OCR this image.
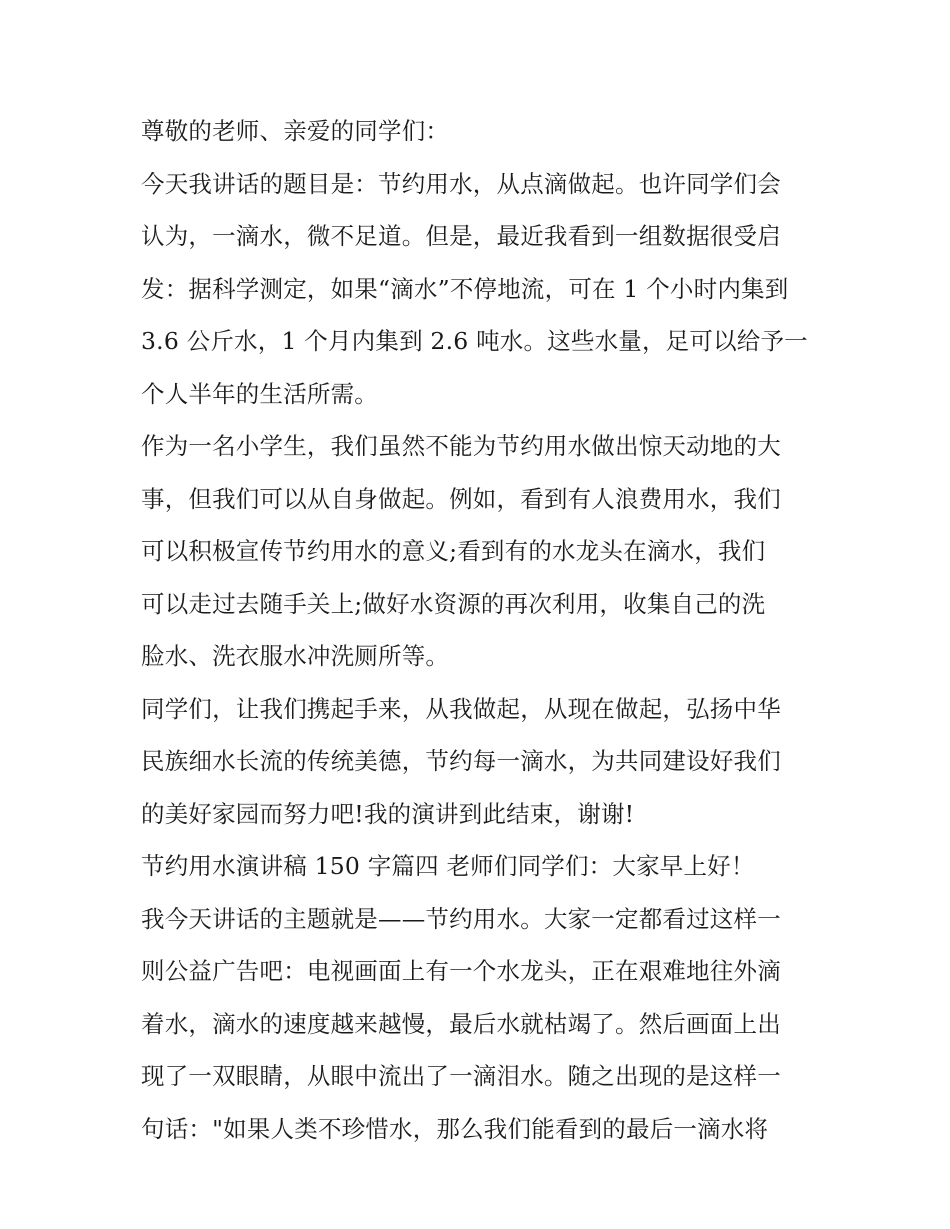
尊敬的老师、亲爱的同学们：
今天我讲话的题目是：节约用水，从点滴做起。也许同学们会
认为，一滴水，微不足道。但是，最近我看到一组数据很受启
发：据科学测定，如果“滴水”不停地流，可在 1 个小时内集到
3.6 公斤水，1 个月内集到 2.6 吨水。这些水量，足可以给予一
个人半年的生活所需。
作为一名小学生，我们虽然不能为节约用水做出惊天动地的大
事，但我们可以从自身做起。例如，看到有人浪费用水，我们
可以积极宣传节约用水的意义;看到有的水龙头在滴水，我们
可以走过去随手关上;做好水资源的再次利用，收集自己的洗
脸水、洗衣服水冲洗厕所等。
同学们，让我们携起手来，从我做起，从现在做起，弘扬中华
民族细水长流的传统美德，节约每一滴水，为共同建设好我们
的美好家园而努力吧!我的演讲到此结束，谢谢!
节约用水演讲稿 150 字篇四 老师们同学们：大家早上好！
我今天讲话的主题就是——节约用水。大家一定都看过这样一
则公益广告吧：电视画面上有一个水龙头，正在艰难地往外滴
着水，滴水的速度越来越慢，最后水就枯竭了。然后画面上出
现了一双眼睛，从眼中流出了一滴泪水。随之出现的是这样一
句话："如果人类不珍惜水，那么我们能看到的最后一滴水将
